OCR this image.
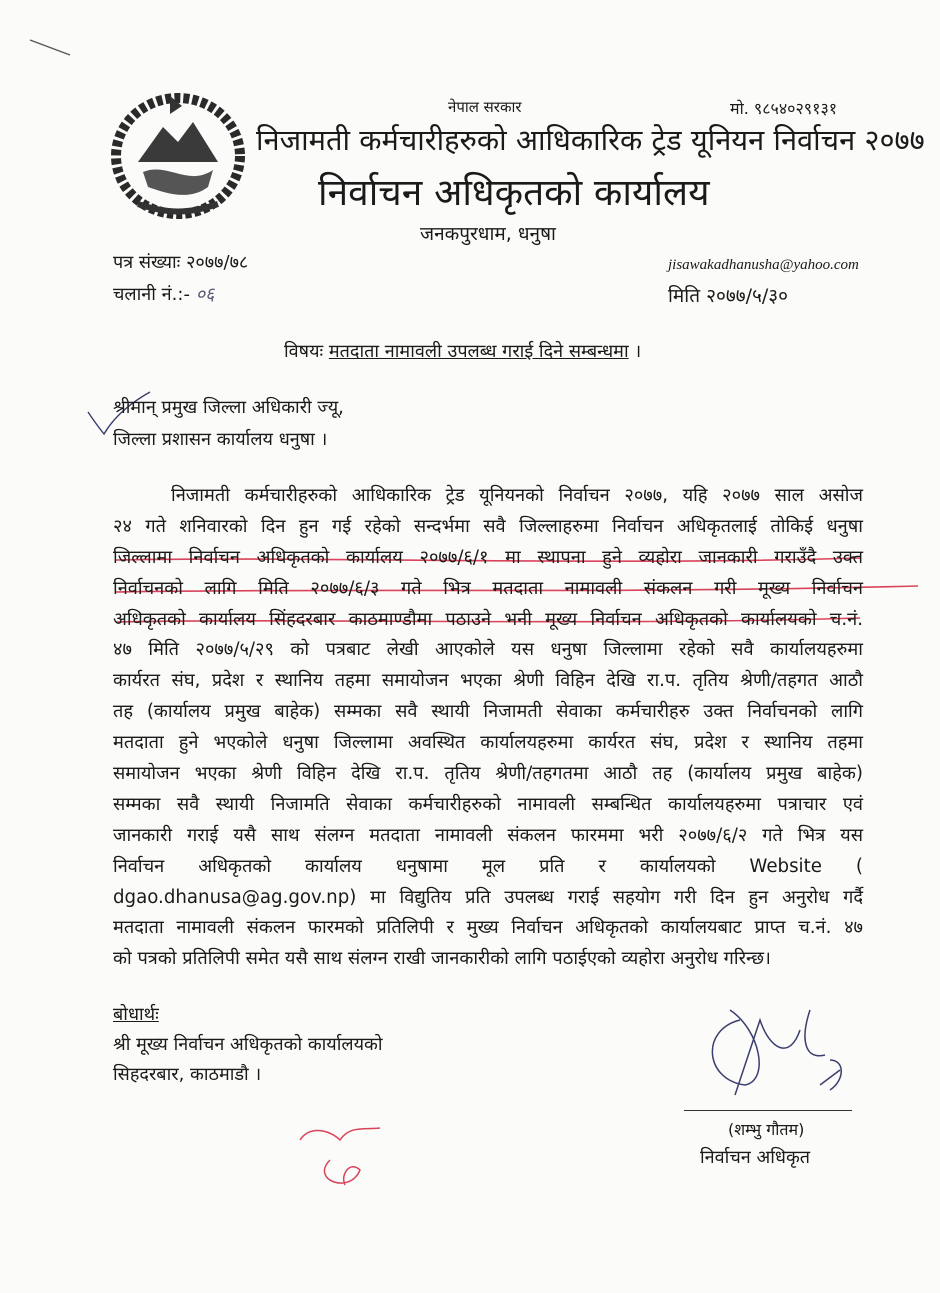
नेपाल सरकार	मो. ९८५४०२९१३१
निजामती कर्मचारीहरुको आधिकारिक ट्रेड यूनियन निर्वाचन २०७७
निर्वाचन अधिकृतको कार्यालय
जनकपुरधाम, धनुषा
पत्र संख्याः २०७७/७८
चलानी नं.:- ०६
jisawakadhanusha@yahoo.com
मिति २०७७/५/३०
विषयः मतदाता नामावली उपलब्ध गराई दिने सम्बन्धमा ।
श्रीमान् प्रमुख जिल्ला अधिकारी ज्यू,
जिल्ला प्रशासन कार्यालय धनुषा ।
निजामती कर्मचारीहरुको आधिकारिक ट्रेड यूनियनको निर्वाचन २०७७, यहि २०७७ साल असोज
२४ गते शनिवारको दिन हुन गई रहेको सन्दर्भमा सवै जिल्लाहरुमा निर्वाचन अधिकृतलाई तोकिई धनुषा
जिल्लामा निर्वाचन अधिकृतको कार्यालय २०७७/६/१ मा स्थापना हुने व्यहोरा जानकारी गराउँदै उक्त
निर्वाचनको लागि मिति २०७७/६/३ गते भित्र मतदाता नामावली संकलन गरी मूख्य निर्वाचन
अधिकृतको कार्यालय सिंहदरबार काठमाण्डौमा पठाउने भनी मूख्य निर्वाचन अधिकृतको कार्यालयको च.नं.
४७ मिति २०७७/५/२९ को पत्रबाट लेखी आएकोले यस धनुषा जिल्लामा रहेको सवै कार्यालयहरुमा
कार्यरत संघ, प्रदेश र स्थानिय तहमा समायोजन भएका श्रेणी विहिन देखि रा.प. तृतिय श्रेणी/तहगत आठौ
तह (कार्यालय प्रमुख बाहेक) सम्मका सवै स्थायी निजामती सेवाका कर्मचारीहरु उक्त निर्वाचनको लागि
मतदाता हुने भएकोले धनुषा जिल्लामा अवस्थित कार्यालयहरुमा कार्यरत संघ, प्रदेश र स्थानिय तहमा
समायोजन भएका श्रेणी विहिन देखि रा.प. तृतिय श्रेणी/तहगतमा आठौ तह (कार्यालय प्रमुख बाहेक)
सम्मका सवै स्थायी निजामति सेवाका कर्मचारीहरुको नामावली सम्बन्धित कार्यालयहरुमा पत्राचार एवं
जानकारी गराई यसै साथ संलग्न मतदाता नामावली संकलन फारममा भरी २०७७/६/२ गते भित्र यस
निर्वाचन अधिकृतको कार्यालय धनुषामा मूल प्रति र कार्यालयको Website (
dgao.dhanusa@ag.gov.np) मा विद्युतिय प्रति उपलब्ध गराई सहयोग गरी दिन हुन अनुरोध गर्दै
मतदाता नामावली संकलन फारमको प्रतिलिपी र मुख्य निर्वाचन अधिकृतको कार्यालयबाट प्राप्त च.नं. ४७
को पत्रको प्रतिलिपी समेत यसै साथ संलग्न राखी जानकारीको लागि पठाईएको व्यहोरा अनुरोध गरिन्छ।
बोधार्थः
श्री मूख्य निर्वाचन अधिकृतको कार्यालयको
सिहदरबार, काठमाडौ ।
(शम्भु गौतम)
निर्वाचन अधिकृत
